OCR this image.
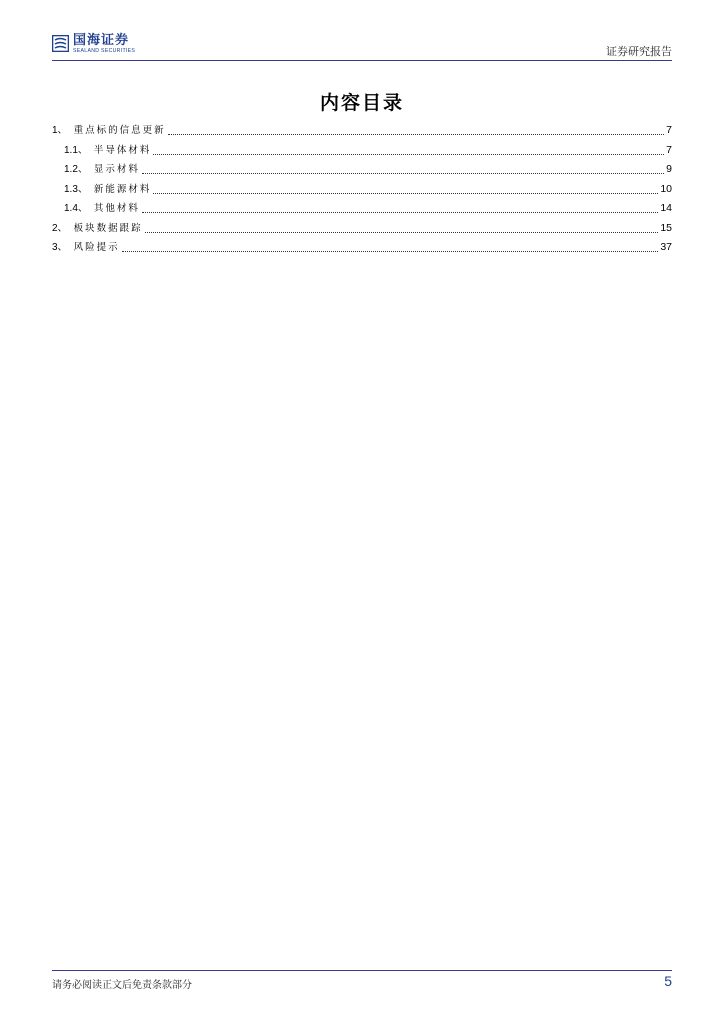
国海证券
SEALAND SECURITIES	证券研究报告
内容目录
1、 重点标的信息更新	7
1.1、 半导体材料	7
1.2、 显示材料	9
1.3、 新能源材料	10
1.4、 其他材料	14
2、 板块数据跟踪	15
3、 风险提示	37
请务必阅读正文后免责条款部分	5
